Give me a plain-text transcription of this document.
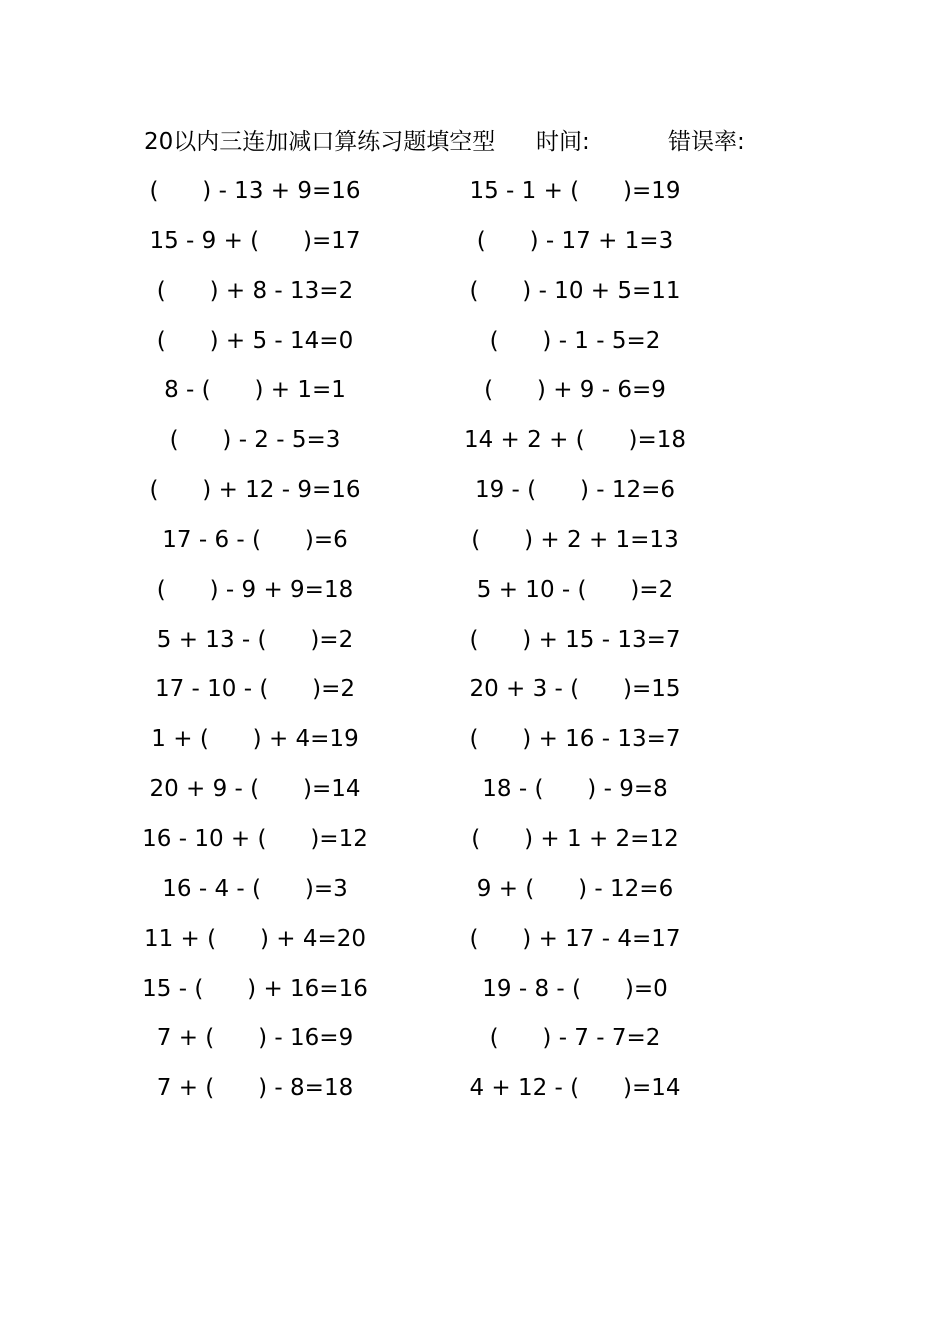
20以内三连加减口算练习题填空型 时间:	错误率:
(      ) - 13 + 9=16
15 - 9 + (      )=17
(      ) + 8 - 13=2
(      ) + 5 - 14=0
8 - (      ) + 1=1
(      ) - 2 - 5=3
(      ) + 12 - 9=16
17 - 6 - (      )=6
(      ) - 9 + 9=18
5 + 13 - (      )=2
17 - 10 - (      )=2
1 + (      ) + 4=19
20 + 9 - (      )=14
16 - 10 + (      )=12
16 - 4 - (      )=3
11 + (      ) + 4=20
15 - (      ) + 16=16
7 + (      ) - 16=9
7 + (      ) - 8=18
15 - 1 + (      )=19
(      ) - 17 + 1=3
(      ) - 10 + 5=11
(      ) - 1 - 5=2
(      ) + 9 - 6=9
14 + 2 + (      )=18
19 - (      ) - 12=6
(      ) + 2 + 1=13
5 + 10 - (      )=2
(      ) + 15 - 13=7
20 + 3 - (      )=15
(      ) + 16 - 13=7
18 - (      ) - 9=8
(      ) + 1 + 2=12
9 + (      ) - 12=6
(      ) + 17 - 4=17
19 - 8 - (      )=0
(      ) - 7 - 7=2
4 + 12 - (      )=14
